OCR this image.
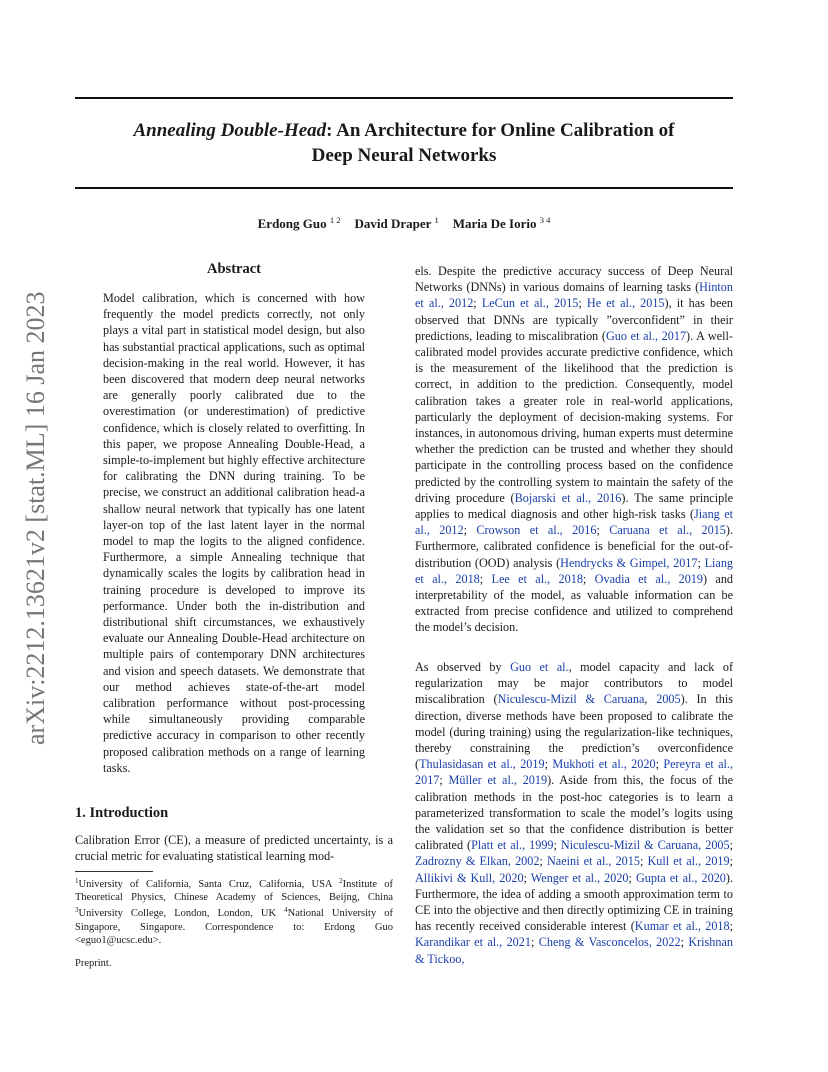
Annealing Double-Head: An Architecture for Online Calibration of
Deep Neural Networks
Erdong Guo $^{1 2}$ David Draper $^1$ Maria De Iorio $^{3 4}$
arXiv:2212.13621v2 [stat.ML] 16 Jan 2023
Abstract
Model calibration, which is concerned with how frequently the model predicts correctly, not only plays a vital part in statistical model design, but also has substantial practical applications, such as optimal decision-making in the real world. However, it has been discovered that modern deep neural networks are generally poorly calibrated due to the overestimation (or underestimation) of predictive confidence, which is closely related to overfitting. In this paper, we propose Annealing Double-Head, a simple-to-implement but highly effective architecture for calibrating the DNN during training. To be precise, we construct an additional calibration head-a shallow neural network that typically has one latent layer-on top of the last latent layer in the normal model to map the logits to the aligned confidence. Furthermore, a simple Annealing technique that dynamically scales the logits by calibration head in training procedure is developed to improve its performance. Under both the in-distribution and distributional shift circumstances, we exhaustively evaluate our Annealing Double-Head architecture on multiple pairs of contemporary DNN architectures and vision and speech datasets. We demonstrate that our method achieves state-of-the-art model calibration performance without post-processing while simultaneously providing comparable predictive accuracy in comparison to other recently proposed calibration methods on a range of learning tasks.
1. Introduction
Calibration Error (CE), a measure of predicted uncertainty, is a crucial metric for evaluating statistical learning mod-
$^1$University of California, Santa Cruz, California, USA $^2$Institute of Theoretical Physics, Chinese Academy of Sciences, Beijng, China $^3$University College, London, London, UK $^4$National University of Singapore, Singapore. Correspondence to: Erdong Guo <eguo1@ucsc.edu>.
Preprint.
els. Despite the predictive accuracy success of Deep Neural Networks (DNNs) in various domains of learning tasks (Hinton et al., 2012; LeCun et al., 2015; He et al., 2015), it has been observed that DNNs are typically ”overconfident” in their predictions, leading to miscalibration (Guo et al., 2017). A well-calibrated model provides accurate predictive confidence, which is the measurement of the likelihood that the prediction is correct, in addition to the prediction. Consequently, model calibration takes a greater role in real-world applications, particularly the deployment of decision-making systems. For instances, in autonomous driving, human experts must determine whether the prediction can be trusted and whether they should participate in the controlling process based on the confidence predicted by the controlling system to maintain the safety of the driving procedure (Bojarski et al., 2016). The same principle applies to medical diagnosis and other high-risk tasks (Jiang et al., 2012; Crowson et al., 2016; Caruana et al., 2015). Furthermore, calibrated confidence is beneficial for the out-of-distribution (OOD) analysis (Hendrycks & Gimpel, 2017; Liang et al., 2018; Lee et al., 2018; Ovadia et al., 2019) and interpretability of the model, as valuable information can be extracted from precise confidence and utilized to comprehend the model’s decision.
As observed by Guo et al., model capacity and lack of regularization may be major contributors to model miscalibration (Niculescu-Mizil & Caruana, 2005). In this direction, diverse methods have been proposed to calibrate the model (during training) using the regularization-like techniques, thereby constraining the prediction’s overconfidence (Thulasidasan et al., 2019; Mukhoti et al., 2020; Pereyra et al., 2017; Müller et al., 2019). Aside from this, the focus of the calibration methods in the post-hoc categories is to learn a parameterized transformation to scale the model’s logits using the validation set so that the confidence distribution is better calibrated (Platt et al., 1999; Niculescu-Mizil & Caruana, 2005; Zadrozny & Elkan, 2002; Naeini et al., 2015; Kull et al., 2019; Allikivi & Kull, 2020; Wenger et al., 2020; Gupta et al., 2020). Furthermore, the idea of adding a smooth approximation term to CE into the objective and then directly optimizing CE in training has recently received considerable interest (Kumar et al., 2018; Karandikar et al., 2021; Cheng & Vasconcelos, 2022; Krishnan & Tickoo,
